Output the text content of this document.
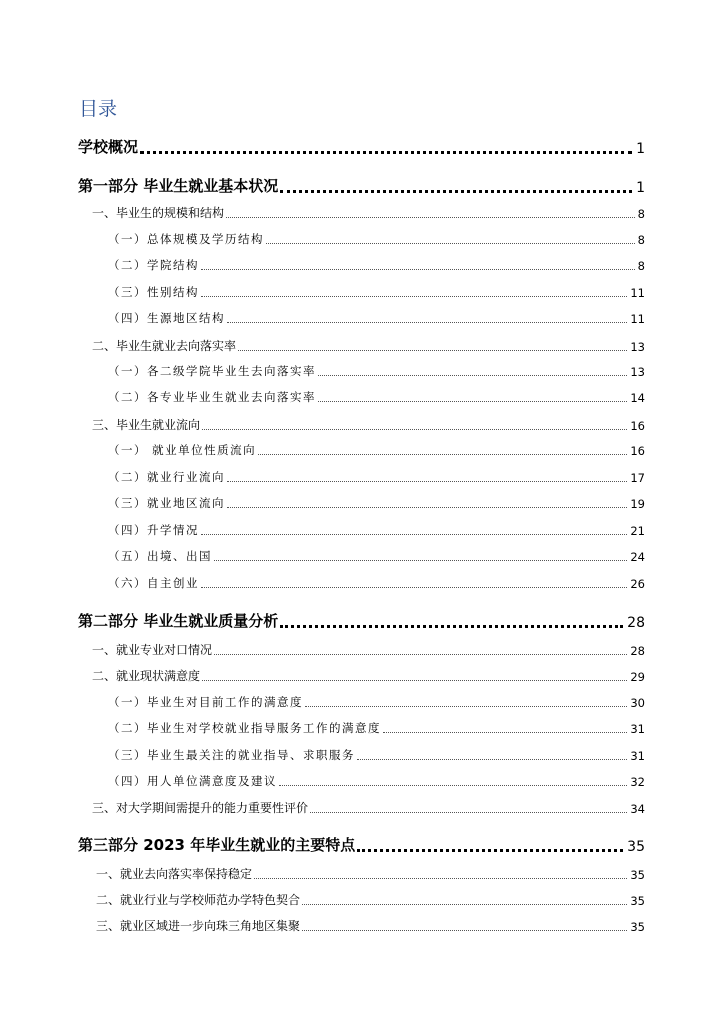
目录
学校概况	1
第一部分 毕业生就业基本状况	1
一、毕业生的规模和结构	8
（一）总体规模及学历结构	8
（二）学院结构	8
（三）性别结构	11
（四）生源地区结构	11
二、毕业生就业去向落实率	13
（一）各二级学院毕业生去向落实率	13
（二）各专业毕业生就业去向落实率	14
三、毕业生就业流向	16
（一） 就业单位性质流向	16
（二）就业行业流向	17
（三）就业地区流向	19
（四）升学情况	21
（五）出境、出国	24
（六）自主创业	26
第二部分 毕业生就业质量分析	28
一、就业专业对口情况	28
二、就业现状满意度	29
（一）毕业生对目前工作的满意度	30
（二）毕业生对学校就业指导服务工作的满意度	31
（三）毕业生最关注的就业指导、求职服务	31
（四）用人单位满意度及建议	32
三、对大学期间需提升的能力重要性评价	34
第三部分 2023 年毕业生就业的主要特点	35
一、就业去向落实率保持稳定	35
二、就业行业与学校师范办学特色契合	35
三、就业区域进一步向珠三角地区集聚	35
